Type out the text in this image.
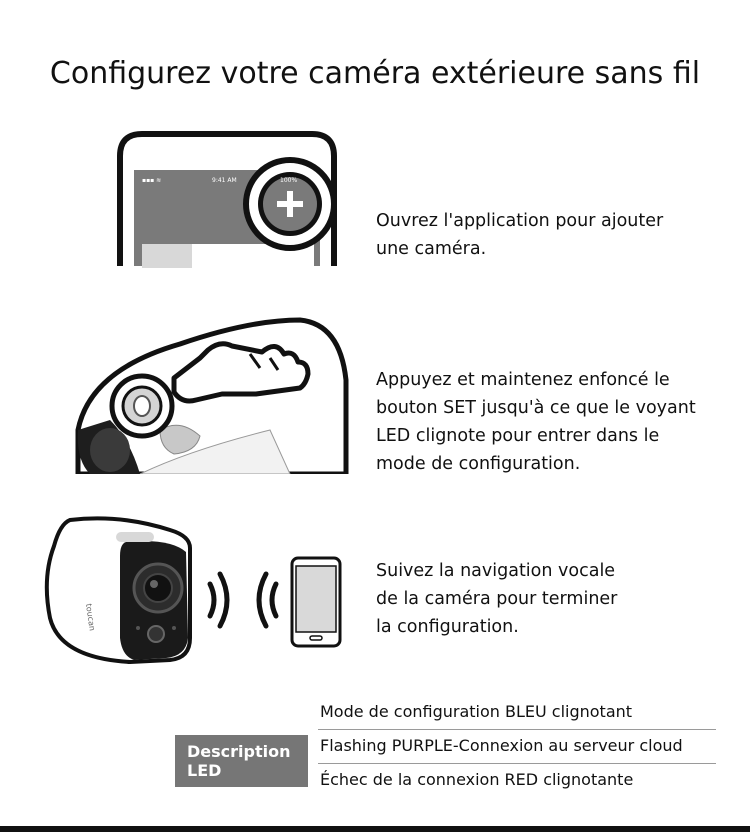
Configurez votre caméra extérieure sans fil
▪▪▪ ≋	9:41 AM	100%
Ouvrez l'application pour ajouter
une caméra.
Appuyez et maintenez enfoncé le
bouton SET jusqu'à ce que le voyant
LED clignote pour entrer dans le
mode de configuration.
toucan
Suivez la navigation vocale
de la caméra pour terminer
la configuration.
Description
LED
Mode de configuration BLEU clignotant
Flashing PURPLE-Connexion au serveur cloud
Échec de la connexion RED clignotante
